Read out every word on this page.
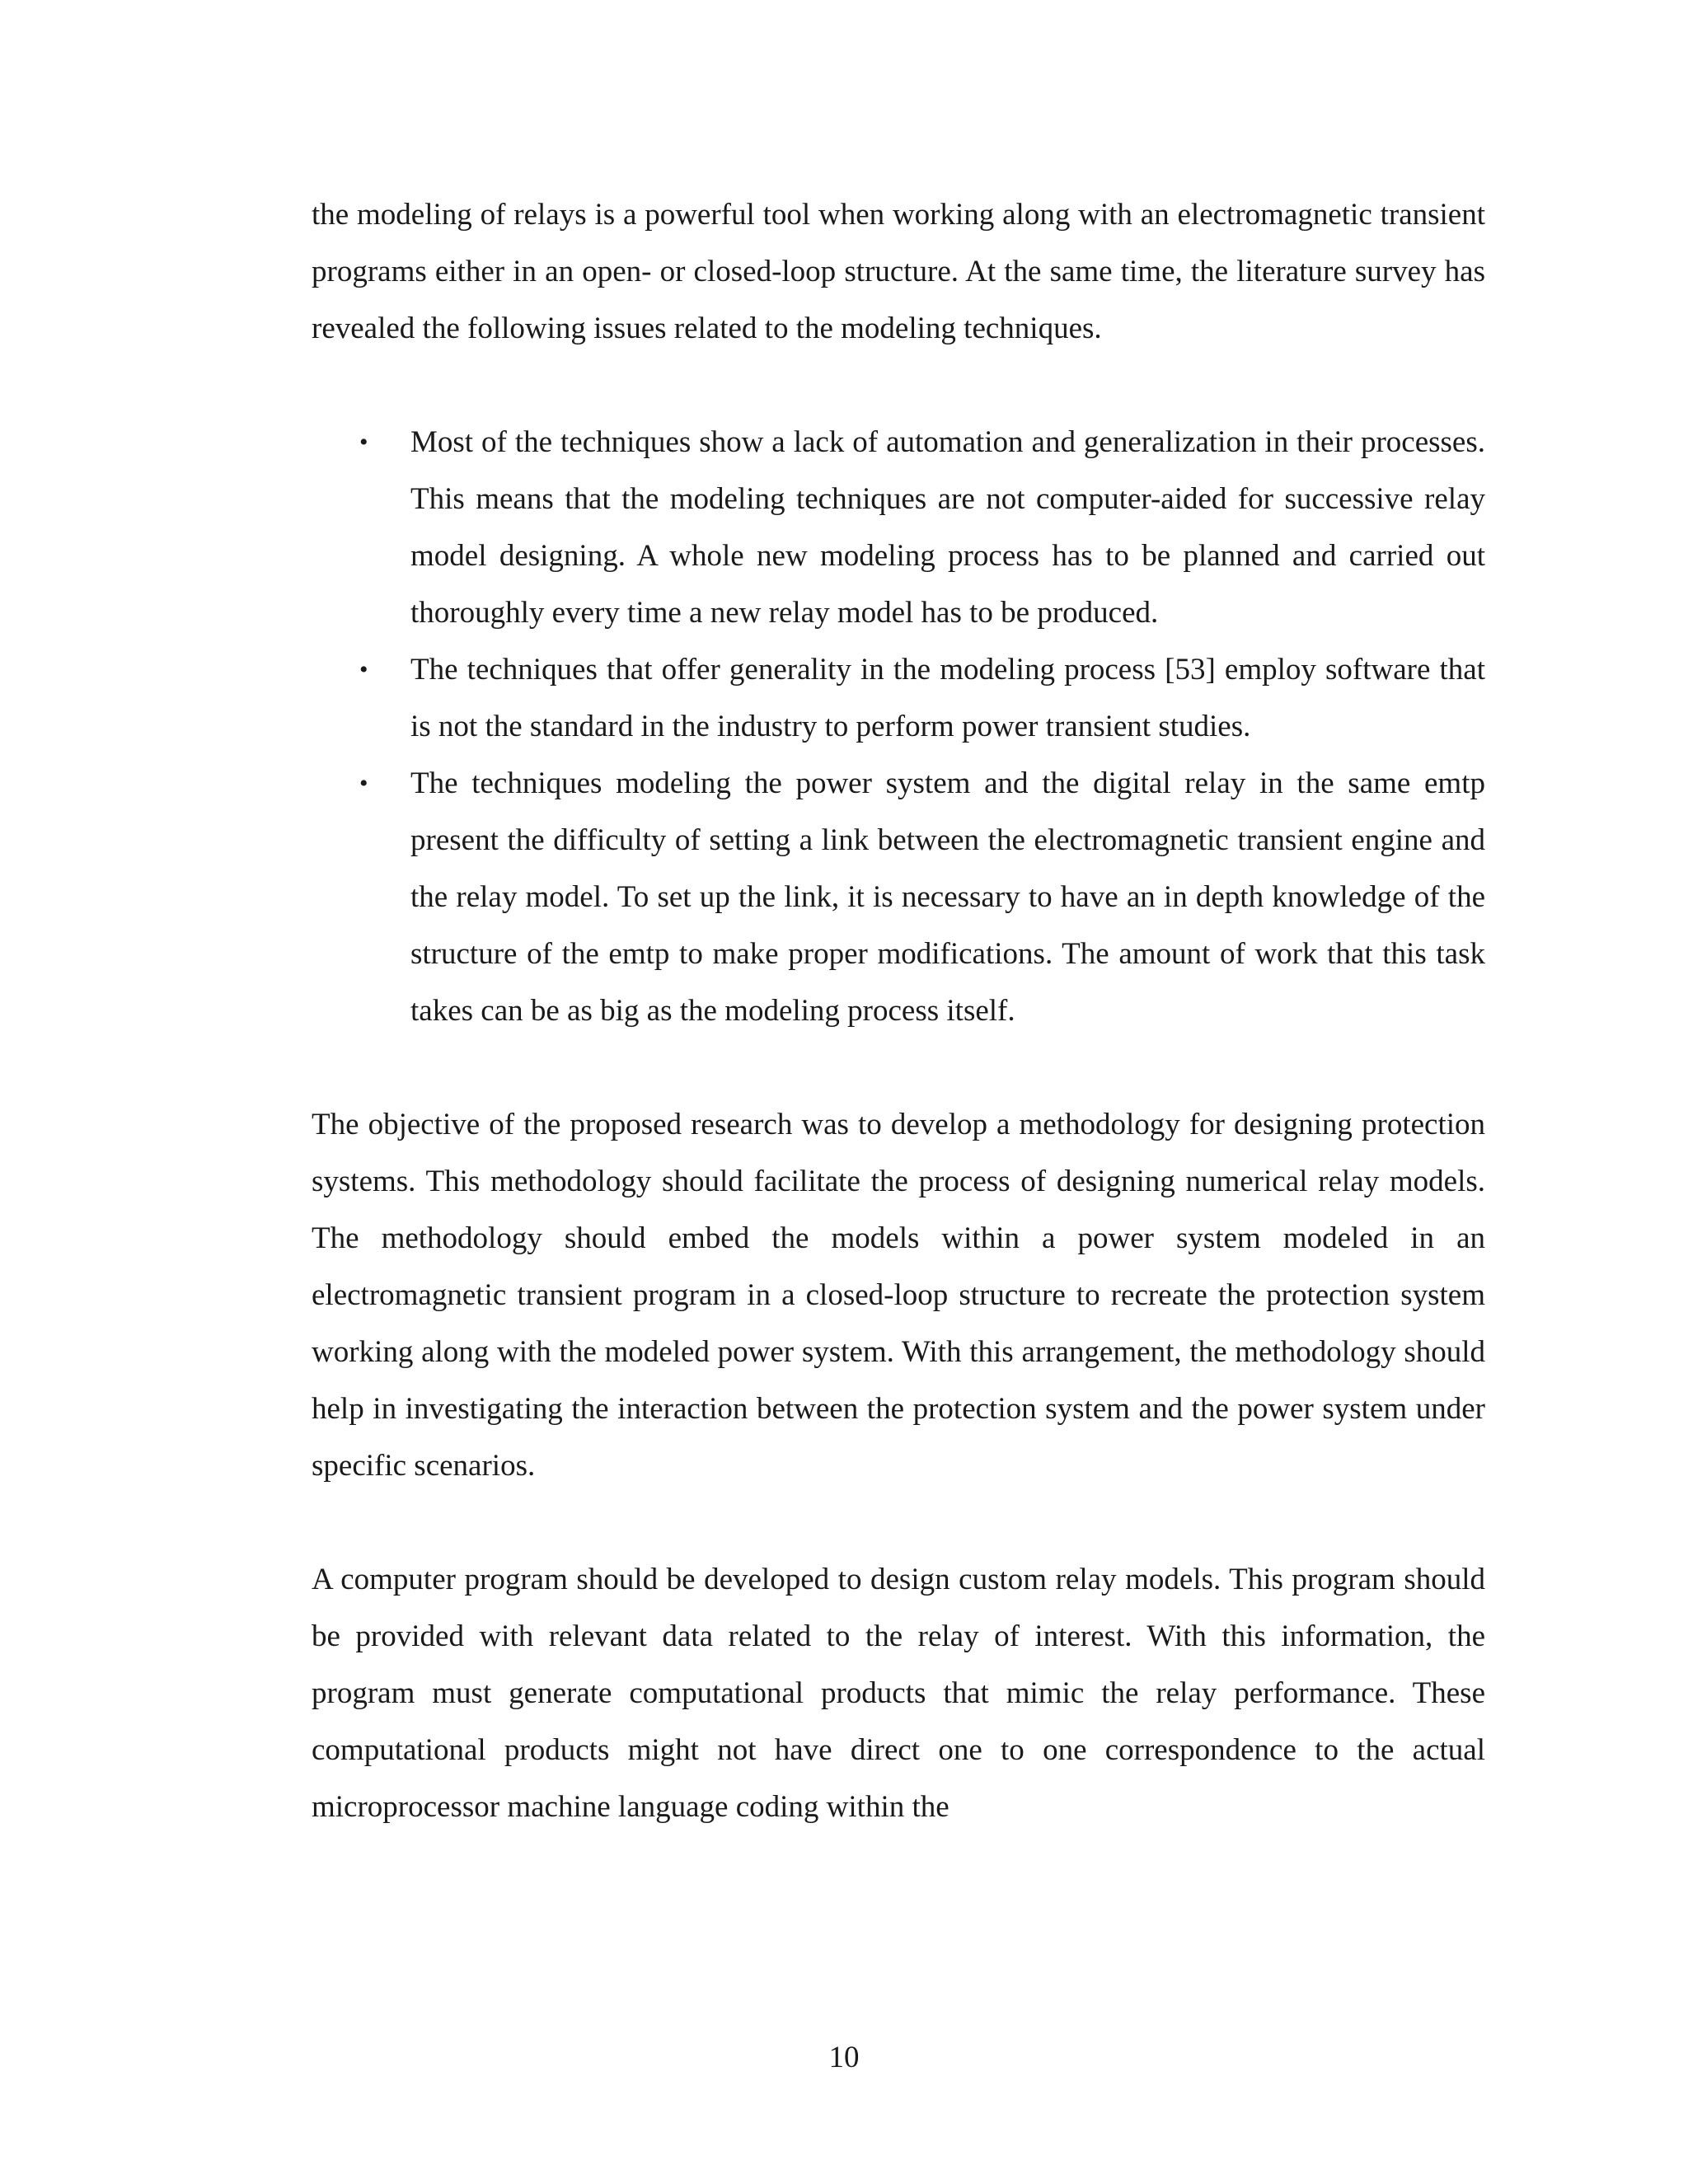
the modeling of relays is a powerful tool when working along with an electromagnetic transient programs either in an open- or closed-loop structure. At the same time, the literature survey has revealed the following issues related to the modeling techniques.

•	Most of the techniques show a lack of automation and generalization in their processes. This means that the modeling techniques are not computer-aided for successive relay model designing. A whole new modeling process has to be planned and carried out thoroughly every time a new relay model has to be produced.
•	The techniques that offer generality in the modeling process [53] employ software that is not the standard in the industry to perform power transient studies.
•	The techniques modeling the power system and the digital relay in the same emtp present the difficulty of setting a link between the electromagnetic transient engine and the relay model. To set up the link, it is necessary to have an in depth knowledge of the structure of the emtp to make proper modifications. The amount of work that this task takes can be as big as the modeling process itself.

The objective of the proposed research was to develop a methodology for designing protection systems. This methodology should facilitate the process of designing numerical relay models. The methodology should embed the models within a power system modeled in an electromagnetic transient program in a closed-loop structure to recreate the protection system working along with the modeled power system. With this arrangement, the methodology should help in investigating the interaction between the protection system and the power system under specific scenarios.

A computer program should be developed to design custom relay models. This program should be provided with relevant data related to the relay of interest. With this information, the program must generate computational products that mimic the relay performance. These computational products might not have direct one to one correspondence to the actual microprocessor machine language coding within the

10
